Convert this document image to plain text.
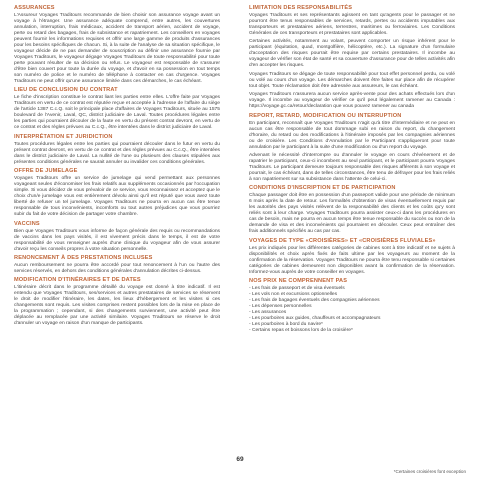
ASSURANCES

L'Assureur Voyages Traditours recommande de bien choisir son assurance voyage avant un voyage à l'étranger. Une assurance adéquate comprend, entre autres, les couvertures annulation, interruption, frais médicaux, accident de transport aérien, accident de voyage, perte ou retard des bagages, frais de subsistance et rapatriement. Les conseillers en voyages peuvent fournir les informations requises et offrir une large gamme de produits d'assurances pour les besoins spécifiques de chacun. Si, à la suite de l'analyse de sa situation spécifique, le voyageur décide de ne pas demander de souscription au définir une assurance fournie par Voyages Traditours, le voyageur dégage Voyages Traditours de toute responsabilité pour toute perte pouvant résulter de sa décision ou refus. Le voyageur est responsable de s'assurer d'être bien couvert pour toute la durée du voyage, et d'avoir en sa possession en tout temps son numéro de police et le numéro de téléphone à contacter en cas d'urgence. Voyages Traditours ne peut offrir qu'une assurance limitée dans ces démarches, le cas échéant.

LIEU DE CONCLUSION DU CONTRAT

Le fiche d'inscription constitue le contrat liant les parties entre elles. L'offre faite par Voyages Traditours en vertu de ce contrat est réputée reçue et acceptée à l'adresse de l'affaire du siège de l'article 1387 C.c.Q. soit le principale place d'affaires de Voyages Traditours, située au 1575 boulevard de l'Avenir, Laval, QC, district judiciaire de Laval. Toutes procédures légales entre les parties qui pourraient découler de la faute en vertu du présent contrat devront, en vertu de ce contrat et des règles prévues au C.c.Q., être intentées dans le district judiciaire de Laval.

INTERPRÉTATION ET JURIDICTION

Toutes procédures légales entre les parties qui pourraient découler dans le futur en vertu du présent contrat devront, en vertu de ce contrat et des règles prévues au C.c.Q., être intentées dans le district judiciaire de Laval. La nullité de l'une ou plusieurs des clauses stipulées aux présentes conditions générales ne saurait annuler ou invalider ces conditions générales.

OFFRE DE JUMELAGE

Voyages Traditours offre un service de jumelage qui vend permettant aux personnes voyageant seules d'économiser les frais relatifs aux suppléments occasionnés par l'occupation simple. Si vous décidez de vous prévaloir de ce service, vous reconnaissez et acceptez que le choix d'un/e jumelage vous est entièrement dévolu ainsi qu'il est réputé que vous avez toute liberté de refuser un tel jumelage. Voyages Traditours ne pourra en aucun cas être tenue responsable de tous inconvénients, incomforts ou tout autres préjudices que vous pourriez subir du fait de votre décision de partager votre chambre.

VACCINS

Bien que Voyages Traditours vous informe de façon générale des requis ou recommandations de vaccins dans les pays visités, il est vivement précis dans le temps, il est de votre responsabilité de vous renseigner auprès d'une clinique du voyageur afin de vous assurer d'avoir reçu les conseils propres à votre situation personnelle.

RENONCEMENT À DES PRESTATIONS INCLUSES

Aucun remboursement ne pourra être accordé pour tout renoncement à l'un ou l'autre des services réservés, en dehors des conditions générales d'annulation décrites ci-dessus.

MODIFICATION D'ITINÉRAIRES ET DE DATES

L'itinéraire décrit dans le programme détaillé du voyage est donné à titre indicatif. Il est entendu que Voyages Traditours, ses/services et autres prestataires de services se réservent le droit de modifier l'itinéraire, les dates, les lieux d'hébergement et les visites si ces changements sont requis. Les visites comprises restent possibles lors de la mise en place de la programmation ; cependant, si des changements surviennent, une activité peut être déplacée au remplacée par une activité similaire. Voyages Traditours se réserve le droit d'annuler un voyage en raison d'un manque de participants.

LIMITATION DES RESPONSABILITÉS

Voyages Traditours et ses représentants agissent en tant qu'agents pour le passager et ne pourront être tenus responsables de services, retards, pertes ou accidents imputables aux transporteurs et prestataires aériens, terrestres, maritimes ou ferroviaires. Les Conditions Générales de ces transporteurs et prestataires sont applicables.

Certaines activités, notamment au volant, peuvent comporter un risque inhérent pour le participant (équitation, quad, montgolfière, hélicoptère, etc.). La signature d'un formulaire d'acceptation des risques pourrait être requise par certains prestataires. Il incombe au voyageur de vérifier son état de santé et sa couverture d'assurance pour de telles activités afin d'en accepter les risques.

Voyages Traditours se dégage de toute responsabilité pour tout effet personnel perdu, ou volé ou volé au cours d'un voyage. Les démarches doivent être faites sur place afin de récupérer tout objet. Toute réclamation doit être adressée aux assureurs, le cas échéant.

Voyages Traditours n'assurera aucun service après-vente pour des achats effectués lors d'un voyage. Il incombe au voyageur de vérifier ce qu'il peut légalement ramener au Canada : https://voyage.gc.ca/retour/declaration que vous pouvez ramener au canada

REPORT, RETARD, MODIFICATION OU INTERRUPTION

En participant, reconnaît que Voyages Traditours n'agit qu'à titre d'intermédiaire et ne peut en aucun cas être responsable de tout dommage subi en raison du report, du changement d'horaire, du retard ou des modifications à l'itinéraire imposés par les compagnies aériennes ou de croisière. Les Conditions d'Annulation par le Participant s'appliqueront pour toute annulation par le participant à la suite d'une modification ou d'un report du voyage.

Advenant le nécessité d'interrompre ou d'annuler le voyage en cours d'événement et de rapatrier le participant, ceux-ci incombent au seul participant, et le participant pourra Voyages Traditours. Le participant demeure toujours responsable des risques afférents à son voyage et pourrait, le cas échéant, dans de telles circonstances, être tenu de défrayer pour les frais reliés à son rapatriement sur sa subsistance dans l'attente de celui-ci.

CONDITIONS D'INSCRIPTION ET DE PARTICIPATION

Chaque passager doit être en possession d'un passeport valide pour une période de minimum 6 mois après la date de retour. Les formalités d'obtention de visas éventuellement requis par les autorités des pays visités relèvent de la responsabilité des clients et les coûts qu'y sont reliés sont à leur charge. Voyages Traditours pourra assister ceux-ci dans les procédures en cas de besoin, mais ne pourra en aucun temps être tenue responsable du succès ou non de la demande de visa et des inconvénients qui pourraient en découler. Ceux peut entraîner des frais additionnels spécifiés au cas par cas.

VOYAGES DE TYPE «CROISIÈRES» ET «CROISIÈRES FLUVIALES»

Les prix indiqués pour les différentes catégories de cabines sont à titre indicatif et ne sujets à disponibilités et choix après fixés de faits ultime par les voyageurs au moment de la confirmation de la réservation. Voyages Traditours ne pourra être tenu responsable si certaines catégories de cabines demeurent non disponibles avant la confirmation de la réservation. Informez-vous auprès de votre conseiller en voyages.

NOS PRIX NE COMPRENNENT PAS
- Les frais de passeport et de visa éventuels
- Les vols non et excursions optionnelles
- Les frais de bagages éventuels des compagnies aériennes
- Les dépenses personnelles
- Les assurances
- Les pourboires aux guides, chauffeurs et accompagnateurs
- Les pourboires à bord du navire*
- Certains repas et boissons lors de la croisière*
69
*Certaines croisières font exception
